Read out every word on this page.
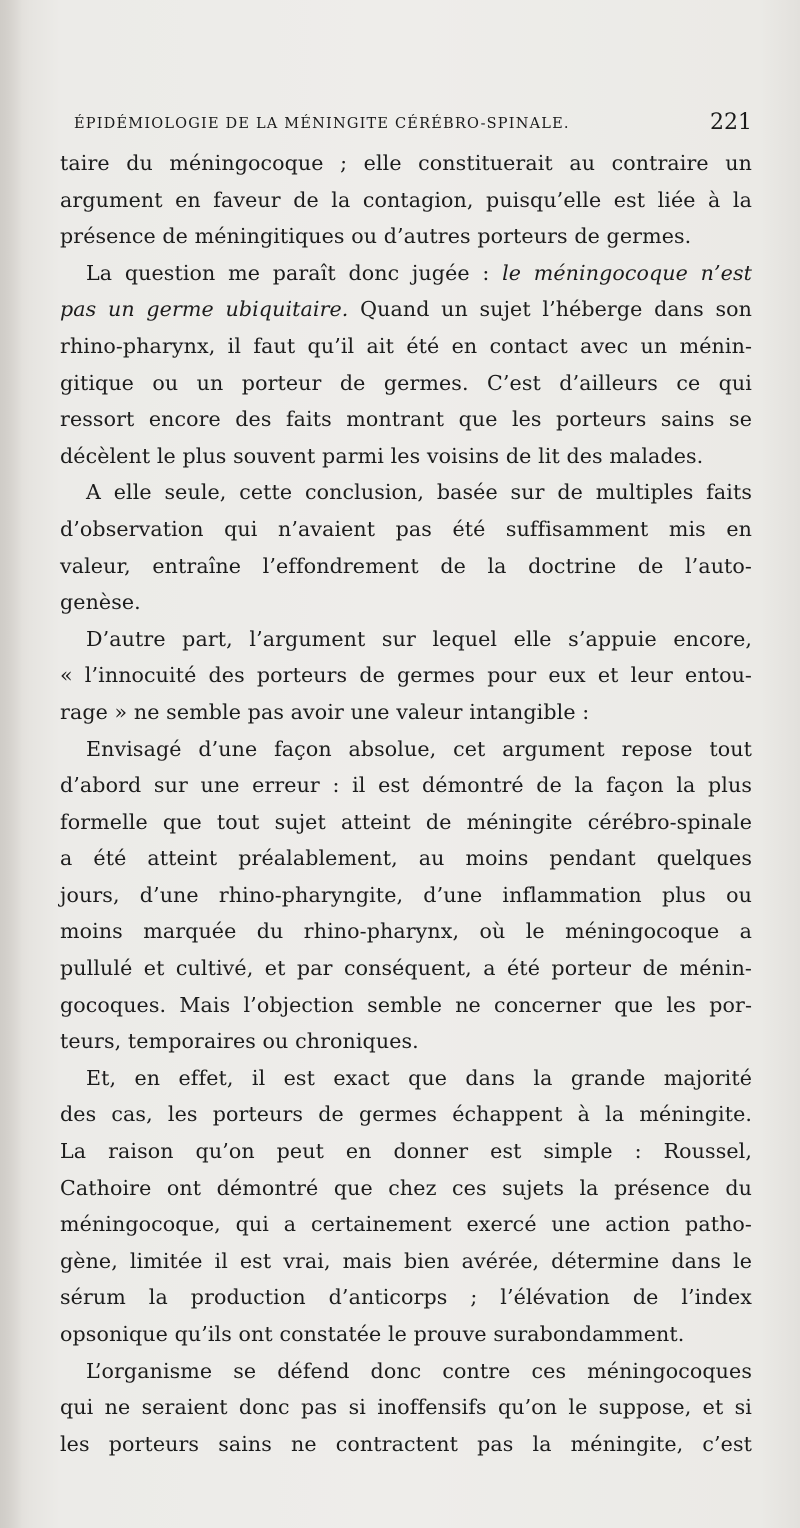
ÉPIDÉMIOLOGIE DE LA MÉNINGITE CÉRÉBRO-SPINALE.	221
taire du méningocoque ; elle constituerait au contraire un
argument en faveur de la contagion, puisqu’elle est liée à la
présence de méningitiques ou d’autres porteurs de germes.
La question me paraît donc jugée : le méningocoque n’est
pas un germe ubiquitaire. Quand un sujet l’héberge dans son
rhino-pharynx, il faut qu’il ait été en contact avec un ménin-
gitique ou un porteur de germes. C’est d’ailleurs ce qui
ressort encore des faits montrant que les porteurs sains se
décèlent le plus souvent parmi les voisins de lit des malades.
A elle seule, cette conclusion, basée sur de multiples faits
d’observation qui n’avaient pas été suffisamment mis en
valeur, entraîne l’effondrement de la doctrine de l’auto-
genèse.
D’autre part, l’argument sur lequel elle s’appuie encore,
« l’innocuité des porteurs de germes pour eux et leur entou-
rage » ne semble pas avoir une valeur intangible :
Envisagé d’une façon absolue, cet argument repose tout
d’abord sur une erreur : il est démontré de la façon la plus
formelle que tout sujet atteint de méningite cérébro-spinale
a été atteint préalablement, au moins pendant quelques
jours, d’une rhino-pharyngite, d’une inflammation plus ou
moins marquée du rhino-pharynx, où le méningocoque a
pullulé et cultivé, et par conséquent, a été porteur de ménin-
gocoques. Mais l’objection semble ne concerner que les por-
teurs, temporaires ou chroniques.
Et, en effet, il est exact que dans la grande majorité
des cas, les porteurs de germes échappent à la méningite.
La raison qu’on peut en donner est simple : Roussel,
Cathoire ont démontré que chez ces sujets la présence du
méningocoque, qui a certainement exercé une action patho-
gène, limitée il est vrai, mais bien avérée, détermine dans le
sérum la production d’anticorps ; l’élévation de l’index
opsonique qu’ils ont constatée le prouve surabondamment.
L’organisme se défend donc contre ces méningocoques
qui ne seraient donc pas si inoffensifs qu’on le suppose, et si
les porteurs sains ne contractent pas la méningite, c’est
